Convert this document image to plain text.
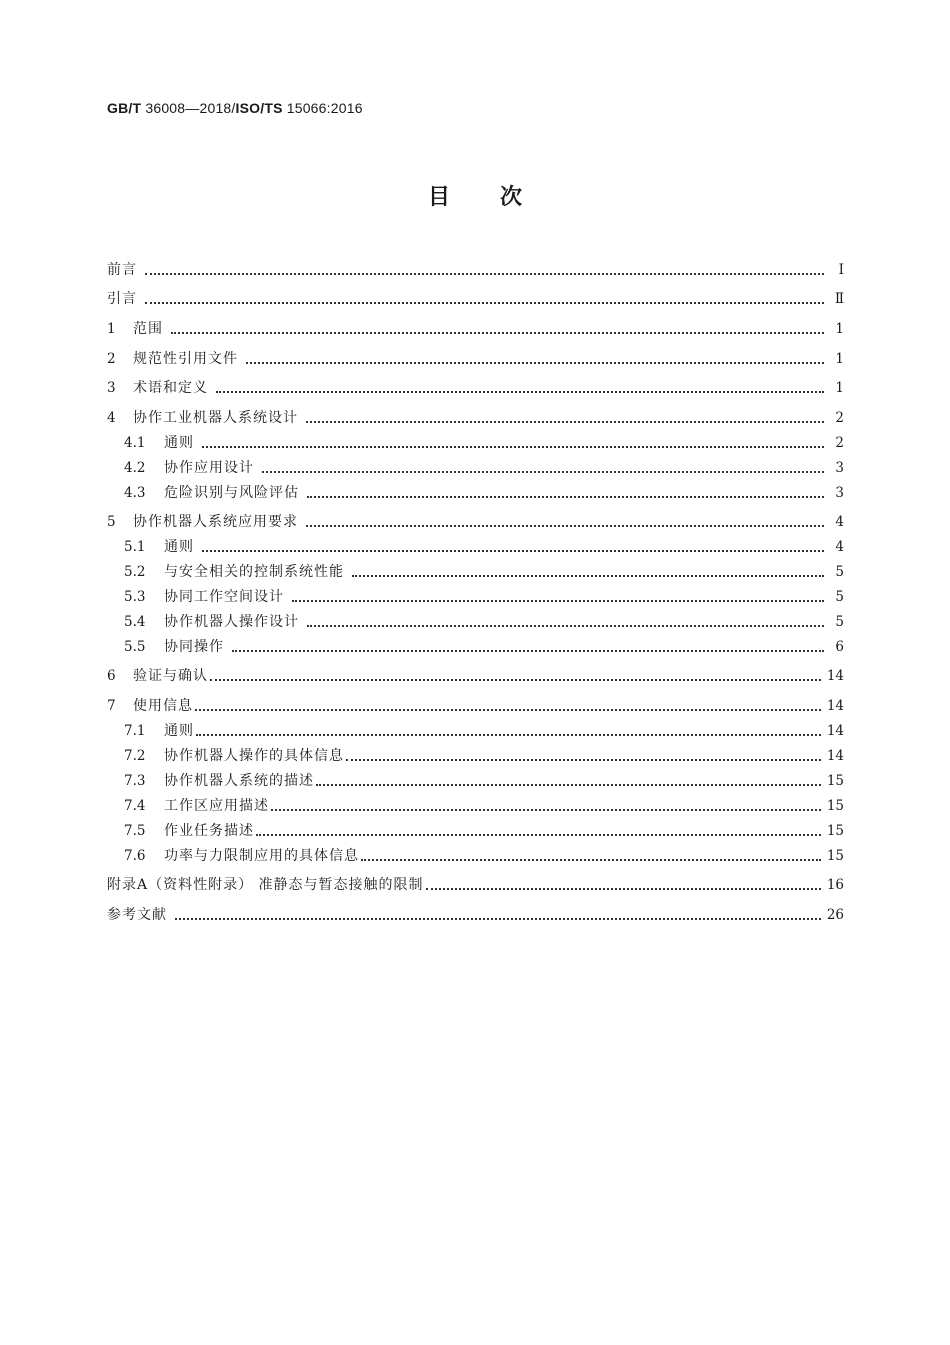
GB/T 36008—2018/ISO/TS 15066:2016
目次
前言	Ⅰ
引言	Ⅱ
1	范围	1
2	规范性引用文件	1
3	术语和定义	1
4	协作工业机器人系统设计	2
4.1	通则	2
4.2	协作应用设计	3
4.3	危险识别与风险评估	3
5	协作机器人系统应用要求	4
5.1	通则	4
5.2	与安全相关的控制系统性能	5
5.3	协同工作空间设计	5
5.4	协作机器人操作设计	5
5.5	协同操作	6
6	验证与确认	14
7	使用信息	14
7.1	通则	14
7.2	协作机器人操作的具体信息	14
7.3	协作机器人系统的描述	15
7.4	工作区应用描述	15
7.5	作业任务描述	15
7.6	功率与力限制应用的具体信息	15
附录A（资料性附录） 准静态与暂态接触的限制	16
参考文献	26
